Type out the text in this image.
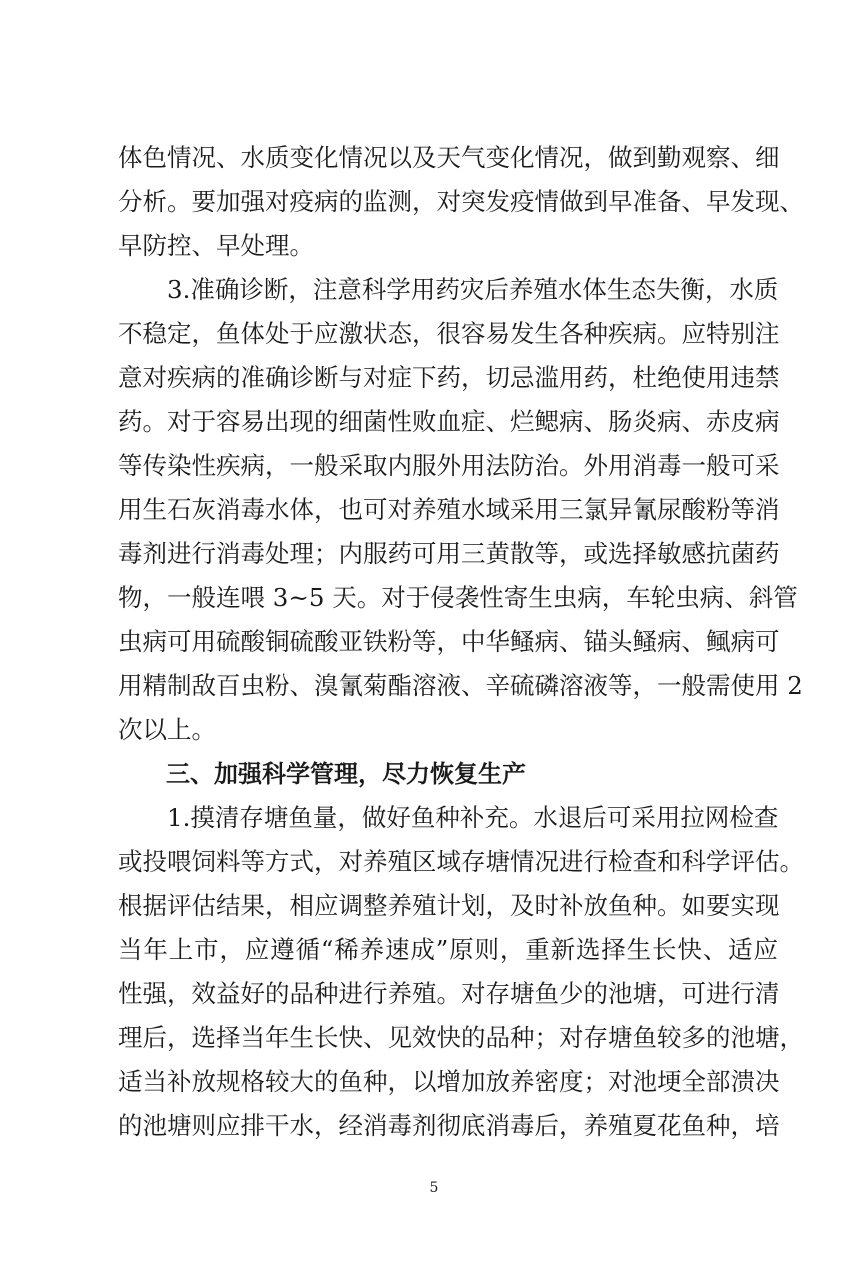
体色情况、水质变化情况以及天气变化情况，做到勤观察、细
分析。要加强对疫病的监测，对突发疫情做到早准备、早发现、
早防控、早处理。
　　3.准确诊断，注意科学用药灾后养殖水体生态失衡，水质
不稳定，鱼体处于应激状态，很容易发生各种疾病。应特别注
意对疾病的准确诊断与对症下药，切忌滥用药，杜绝使用违禁
药。对于容易出现的细菌性败血症、烂鳃病、肠炎病、赤皮病
等传染性疾病，一般采取内服外用法防治。外用消毒一般可采
用生石灰消毒水体，也可对养殖水域采用三氯异氰尿酸粉等消
毒剂进行消毒处理；内服药可用三黄散等，或选择敏感抗菌药
物，一般连喂 3~5 天。对于侵袭性寄生虫病，车轮虫病、斜管
虫病可用硫酸铜硫酸亚铁粉等，中华鳋病、锚头鳋病、鲺病可
用精制敌百虫粉、溴氰菊酯溶液、辛硫磷溶液等，一般需使用 2
次以上。
　　三、加强科学管理，尽力恢复生产
　　1.摸清存塘鱼量，做好鱼种补充。水退后可采用拉网检查
或投喂饲料等方式，对养殖区域存塘情况进行检查和科学评估。
根据评估结果，相应调整养殖计划，及时补放鱼种。如要实现
当年上市，应遵循“稀养速成”原则，重新选择生长快、适应
性强，效益好的品种进行养殖。对存塘鱼少的池塘，可进行清
理后，选择当年生长快、见效快的品种；对存塘鱼较多的池塘，
适当补放规格较大的鱼种，以增加放养密度；对池埂全部溃决
的池塘则应排干水，经消毒剂彻底消毒后，养殖夏花鱼种，培
5
